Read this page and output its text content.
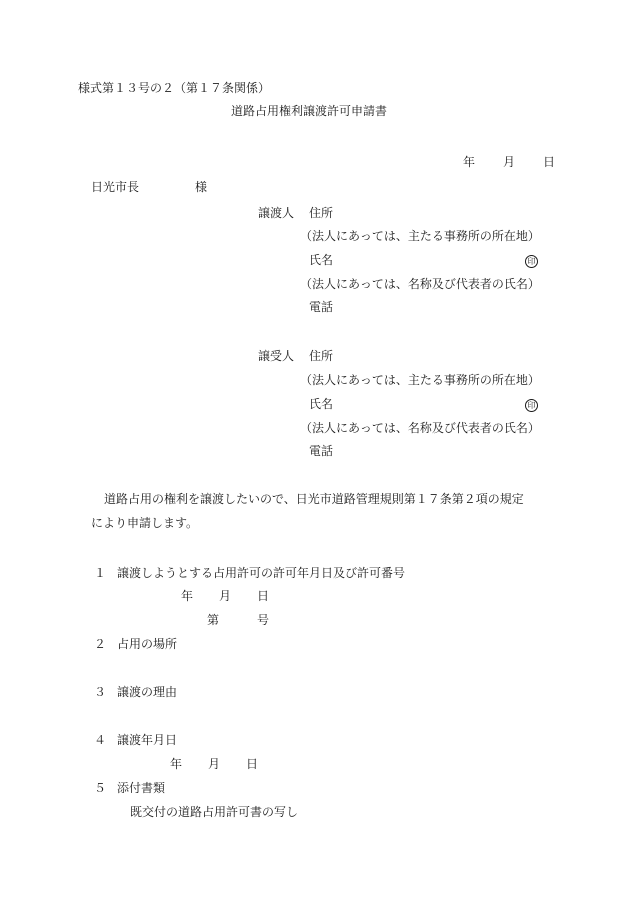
様式第１３号の２（第１７条関係）
道路占用権利譲渡許可申請書
年 月 日
日光市長	様
譲渡人 住所
（法人にあっては、主たる事務所の所在地）
氏名	印
（法人にあっては、名称及び代表者の氏名）
電話
譲受人 住所
（法人にあっては、主たる事務所の所在地）
氏名	印
（法人にあっては、名称及び代表者の氏名）
電話
道路占用の権利を譲渡したいので、日光市道路管理規則第１７条第２項の規定
により申請します。
１ 譲渡しようとする占用許可の許可年月日及び許可番号
年 月 日
第	号
２ 占用の場所
３ 譲渡の理由
４ 譲渡年月日
年 月 日
５ 添付書類
既交付の道路占用許可書の写し
